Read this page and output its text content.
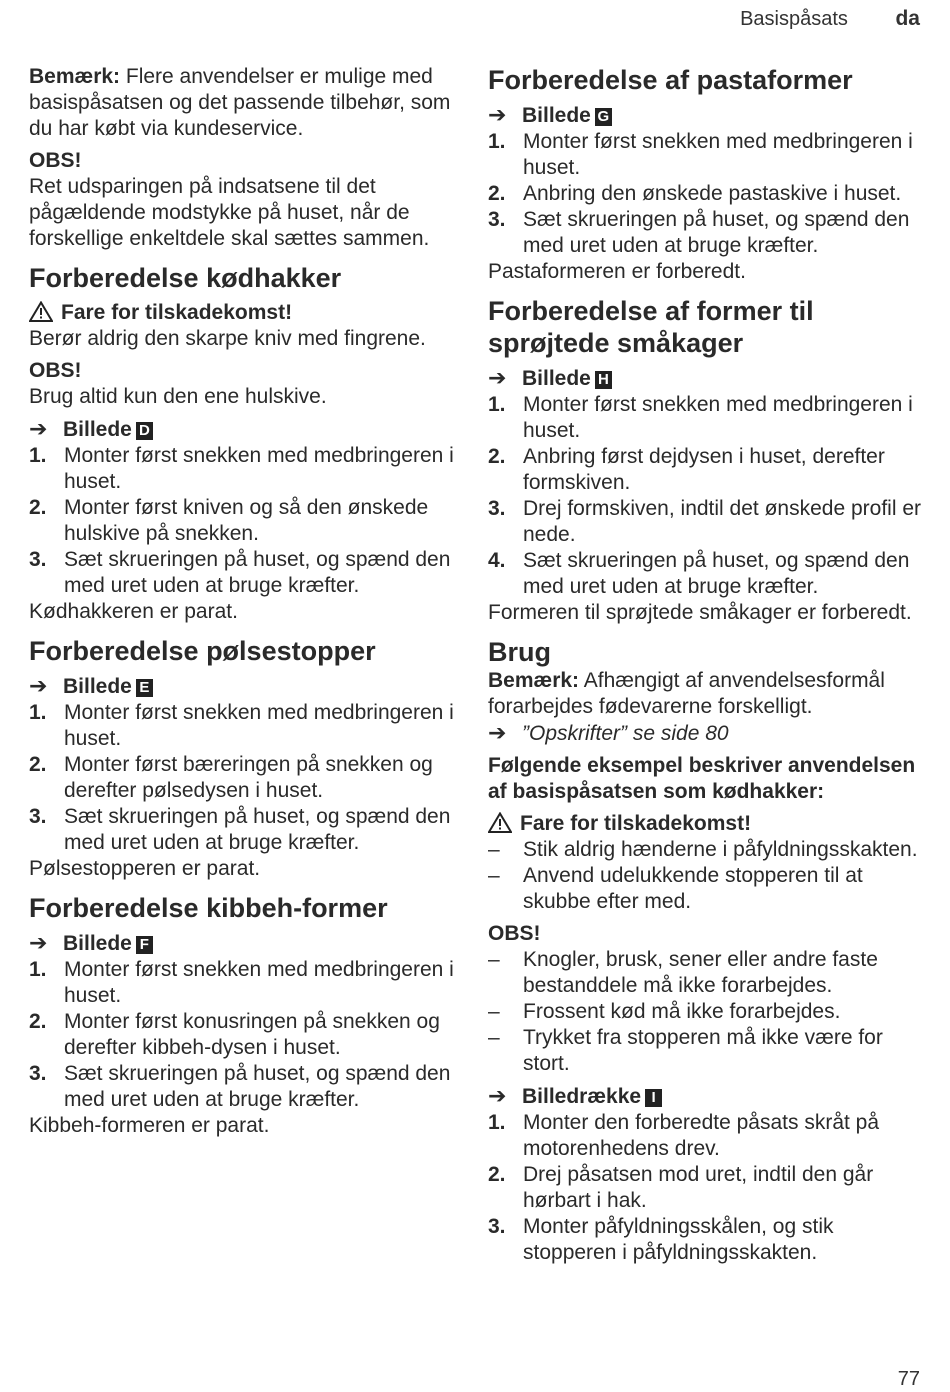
Basispåsats da

Bemærk: Flere anvendelser er mulige med basispåsatsen og det passende tilbehør, som du har købt via kundeservice.

OBS!

Ret udsparingen på indsatsene til det pågældende modstykke på huset, når de forskellige enkeltdele skal sættes sammen.

Forberedelse kødhakker
Fare for tilskadekomst!

Berør aldrig den skarpe kniv med fingrene.

OBS!

Brug altid kun den ene hulskive.

➔ Billede D
1. Monter først snekken med medbringeren i huset.
2. Monter først kniven og så den ønskede hulskive på snekken.
3. Sæt skrueringen på huset, og spænd den med uret uden at bruge kræfter.

Kødhakkeren er parat.

Forberedelse pølsestopper
➔ Billede E
1. Monter først snekken med medbringeren i huset.
2. Monter først bæreringen på snekken og derefter pølsedysen i huset.
3. Sæt skrueringen på huset, og spænd den med uret uden at bruge kræfter.

Pølsestopperen er parat.

Forberedelse kibbeh-former
➔ Billede F
1. Monter først snekken med medbringeren i huset.
2. Monter først konusringen på snekken og derefter kibbeh-dysen i huset.
3. Sæt skrueringen på huset, og spænd den med uret uden at bruge kræfter.

Kibbeh-formeren er parat.

Forberedelse af pastaformer
➔ Billede G
1. Monter først snekken med medbringeren i huset.
2. Anbring den ønskede pastaskive i huset.
3. Sæt skrueringen på huset, og spænd den med uret uden at bruge kræfter.

Pastaformeren er forberedt.

Forberedelse af former til sprøjtede småkager
➔ Billede H
1. Monter først snekken med medbringeren i huset.
2. Anbring først dejdysen i huset, derefter formskiven.
3. Drej formskiven, indtil det ønskede profil er nede.
4. Sæt skrueringen på huset, og spænd den med uret uden at bruge kræfter.

Formeren til sprøjtede småkager er forberedt.

Brug

Bemærk: Afhængigt af anvendelsesformål forarbejdes fødevarerne forskelligt.

➔ ”Opskrifter” se side 80

Følgende eksempel beskriver anvendelsen af basispåsatsen som kødhakker:

Fare for tilskadekomst!
– Stik aldrig hænderne i påfyldningsskakten.
– Anvend udelukkende stopperen til at skubbe efter med.

OBS!

– Knogler, brusk, sener eller andre faste bestanddele må ikke forarbejdes.
– Frossent kød må ikke forarbejdes.
– Trykket fra stopperen må ikke være for stort.
➔ Billedrække I
1. Monter den forberedte påsats skråt på motorenhedens drev.
2. Drej påsatsen mod uret, indtil den går hørbart i hak.
3. Monter påfyldningsskålen, og stik stopperen i påfyldningsskakten.
77
